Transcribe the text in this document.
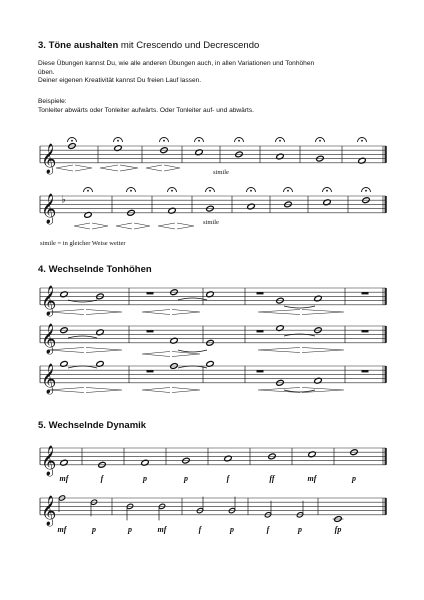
3. Töne aushalten mit Crescendo und Decrescendo

Diese Übungen kannst Du, wie alle anderen Übungen auch, in allen Variationen und Tonhöhen
üben.
Deiner eigenen Kreativität kannst Du freien Lauf lassen.

Beispiele:
Tonleiter abwärts oder Tonleiter aufwärts. Oder Tonleiter auf- und abwärts.

simile
simile
simile = in gleicher Weise weiter
𝄞
𝄞 ♭
4. Wechselnde Tonhöhen
𝄞
𝄞
𝄞
5. Wechselnde Dynamik
𝄞
mf	f	p	p	f	ff	mf	p
𝄞
mf	p	p	mf	f	p	f	p	fp
